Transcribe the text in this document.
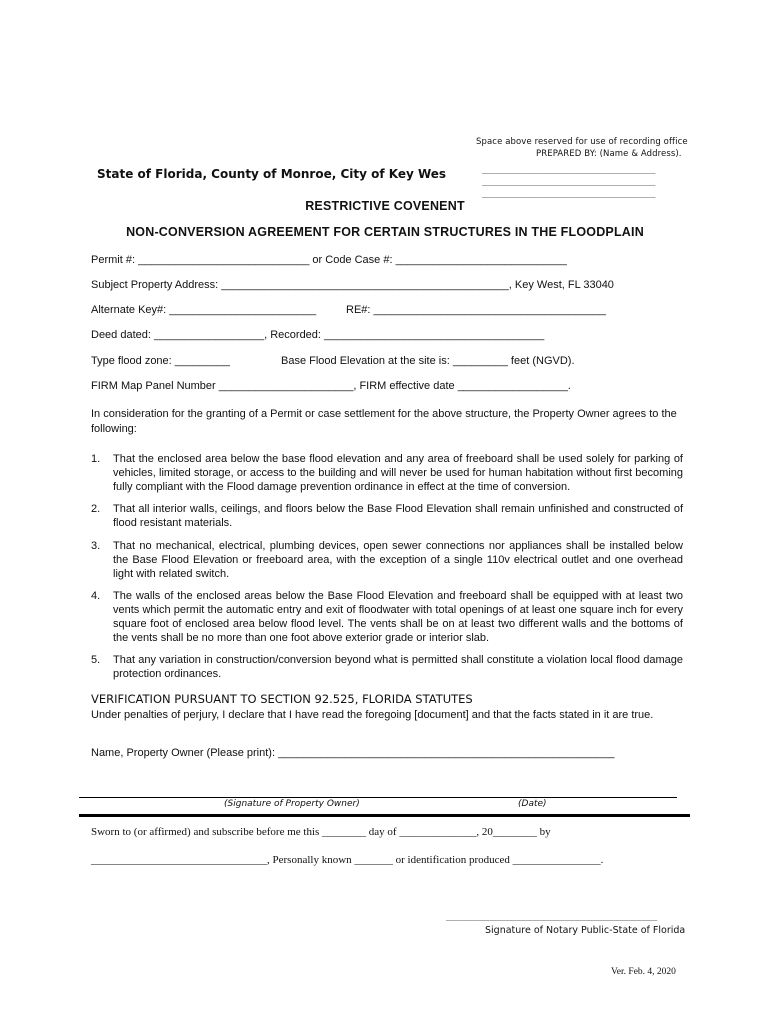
Space above reserved for use of recording office
PREPARED BY: (Name & Address).
________________________________
________________________________
________________________________
State of Florida, County of Monroe, City of Key Wes
RESTRICTIVE COVENENT
NON-CONVERSION AGREEMENT FOR CERTAIN STRUCTURES IN THE FLOODPLAIN
Permit #: ____________________________ or Code Case #: ____________________________
Subject Property Address: _______________________________________________, Key West, FL 33040
Alternate Key#: ________________________	RE#: ______________________________________
Deed dated: __________________, Recorded: ____________________________________
Type flood zone: _________	Base Flood Elevation at the site is: _________ feet (NGVD).
FIRM Map Panel Number ______________________, FIRM effective date __________________.
In consideration for the granting of a Permit or case settlement for the above structure, the Property Owner agrees to the following:
1. That the enclosed area below the base flood elevation and any area of freeboard shall be used solely for parking of vehicles, limited storage, or access to the building and will never be used for human habitation without first becoming fully compliant with the Flood damage prevention ordinance in effect at the time of conversion.
2. That all interior walls, ceilings, and floors below the Base Flood Elevation shall remain unfinished and constructed of flood resistant materials.
3. That no mechanical, electrical, plumbing devices, open sewer connections nor appliances shall be installed below the Base Flood Elevation or freeboard area, with the exception of a single 110v electrical outlet and one overhead light with related switch.
4. The walls of the enclosed areas below the Base Flood Elevation and freeboard shall be equipped with at least two vents which permit the automatic entry and exit of floodwater with total openings of at least one square inch for every square foot of enclosed area below flood level. The vents shall be on at least two different walls and the bottoms of the vents shall be no more than one foot above exterior grade or interior slab.
5. That any variation in construction/conversion beyond what is permitted shall constitute a violation local flood damage protection ordinances.
VERIFICATION PURSUANT TO SECTION 92.525, FLORIDA STATUTES
Under penalties of perjury, I declare that I have read the foregoing [document] and that the facts stated in it are true.
Name, Property Owner (Please print): _______________________________________________________
(Signature of Property Owner)	(Date)
Sworn to (or affirmed) and subscribe before me this ________ day of ______________, 20________ by
________________________________, Personally known _______ or identification produced ________________.
_______________________________________
Signature of Notary Public-State of Florida
Ver. Feb. 4, 2020
